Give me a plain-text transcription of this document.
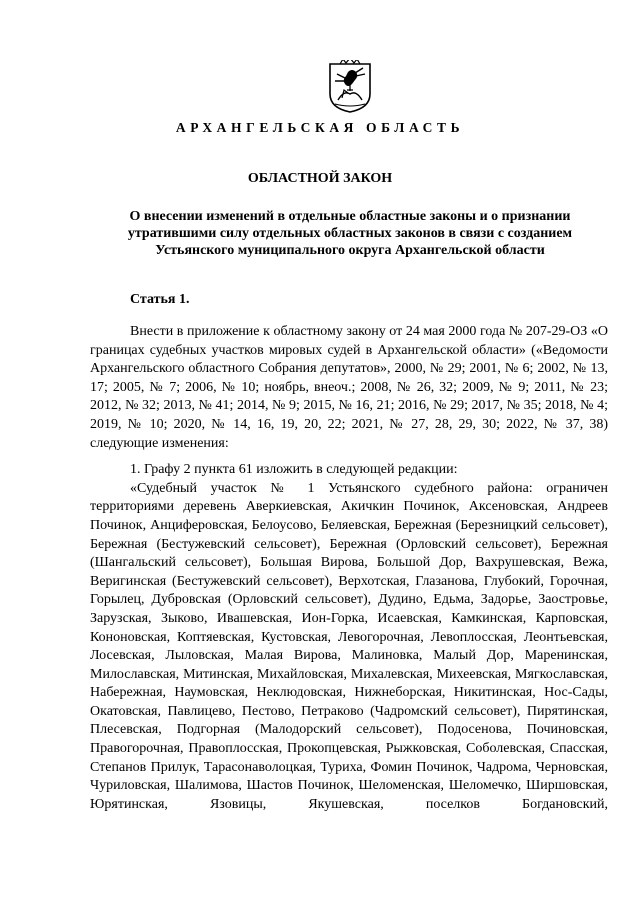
АРХАНГЕЛЬСКАЯ ОБЛАСТЬ
ОБЛАСТНОЙ ЗАКОН
О внесении изменений в отдельные областные законы и о признании утратившими силу отдельных областных законов в связи с созданием Устьянского муниципального округа Архангельской области
Статья 1.

Внести в приложение к областному закону от 24 мая 2000 года № 207-29-ОЗ «О границах судебных участков мировых судей в Архангельской области» («Ведомости Архангельского областного Собрания депутатов», 2000, № 29; 2001, № 6; 2002, № 13, 17; 2005, № 7; 2006, № 10; ноябрь, внеоч.; 2008, № 26, 32; 2009, № 9; 2011, № 23; 2012, № 32; 2013, № 41; 2014, № 9; 2015, № 16, 21; 2016, № 29; 2017, № 35; 2018, № 4; 2019, № 10; 2020, № 14, 16, 19, 20, 22; 2021, № 27, 28, 29, 30; 2022, № 37, 38) следующие изменения:

1. Графу 2 пункта 61 изложить в следующей редакции:

«Судебный участок № 1 Устьянского судебного района: ограничен территориями деревень Аверкиевская, Акичкин Починок, Аксеновская, Андреев Починок, Анциферовская, Белоусово, Беляевская, Бережная (Березницкий сельсовет), Бережная (Бестужевский сельсовет), Бережная (Орловский сельсовет), Бережная (Шангальский сельсовет), Большая Вирова, Большой Дор, Вахрушевская, Вежа, Веригинская (Бестужевский сельсовет), Верхотская, Глазанова, Глубокий, Горочная, Горылец, Дубровская (Орловский сельсовет), Дудино, Едьма, Задорье, Заостровье, Зарузская, Зыково, Ивашевская, Ион-Горка, Исаевская, Камкинская, Карповская, Кононовская, Коптяевская, Кустовская, Левогорочная, Левоплосская, Леонтьевская, Лосевская, Лыловская, Малая Вирова, Малиновка, Малый Дор, Маренинская, Милославская, Митинская, Михайловская, Михалевская, Михеевская, Мягкославская, Набережная, Наумовская, Неклюдовская, Нижнеборская, Никитинская, Нос-Сады, Окатовская, Павлицево, Пестово, Петраково (Чадромский сельсовет), Пирятинская, Плесевская, Подгорная (Малодорский сельсовет), Подосенова, Починовская, Правогорочная, Правоплосская, Прокопцевская, Рыжковская, Соболевская, Спасская, Степанов Прилук, Тарасонаволоцкая, Туриха, Фомин Починок, Чадрома, Черновская, Чуриловская, Шалимова, Шастов Починок, Шеломенская, Шеломечко, Ширшовская, Юрятинская, Язовицы, Якушевская, поселков Богдановский,
